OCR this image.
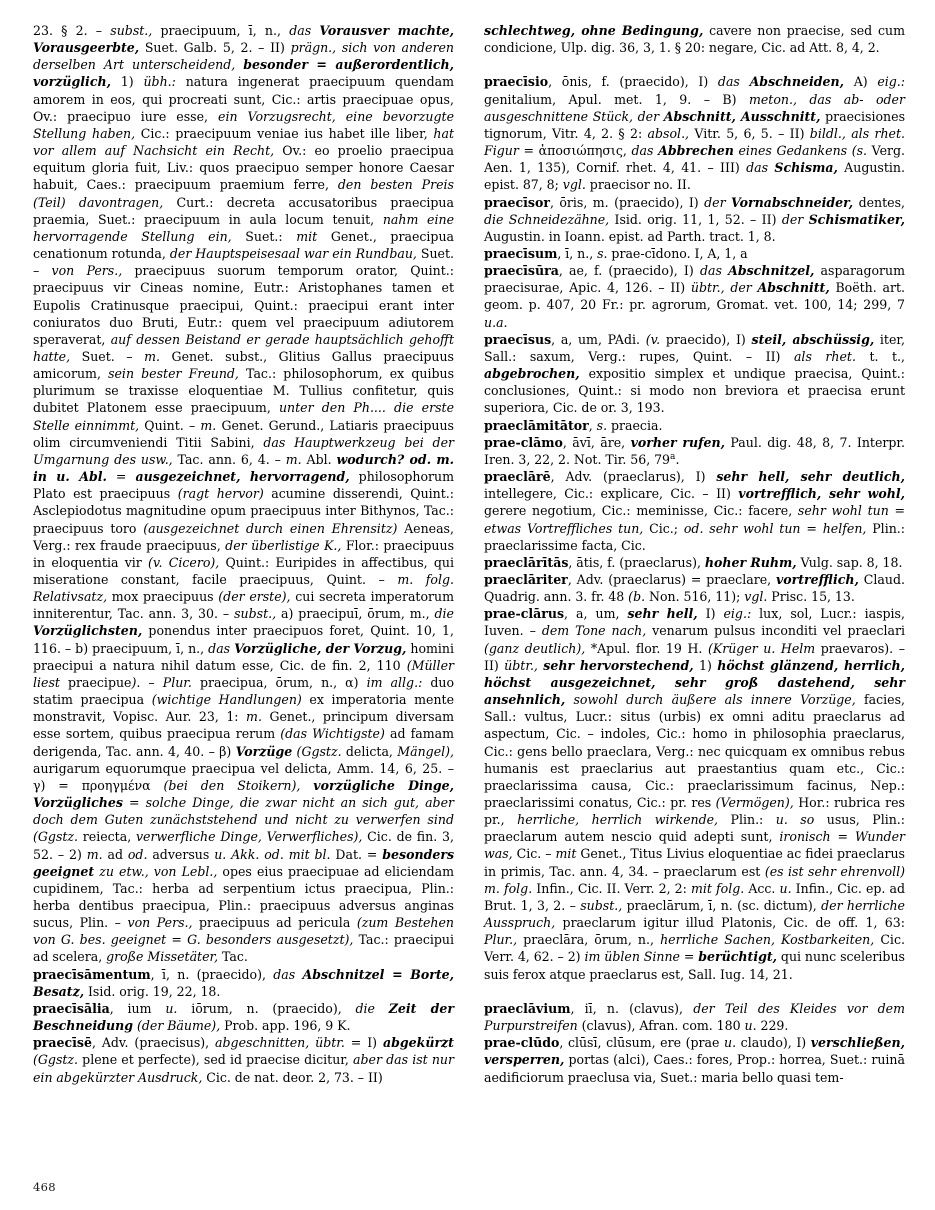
23. § 2. – subst., praecipuum, ī, n., das Vorausver machte, Vorausgeerbte, Suet. Galb. 5, 2. – II) prägn., sich von anderen derselben Art unterscheidend, besonder = außerordentlich, vorzüglich, 1) übh.: natura ingenerat praecipuum quendam amorem in eos, qui procreati sunt, Cic.: artis praecipuae opus, Ov.: praecipuo iure esse, ein Vorzugsrecht, eine bevorzugte Stellung haben, Cic.: praecipuum veniae ius habet ille liber, hat vor allem auf Nachsicht ein Recht, Ov.: eo proelio praecipua equitum gloria fuit, Liv.: quos praecipuo semper honore Caesar habuit, Caes.: praecipuum praemium ferre, den besten Preis (Teil) davontragen, Curt.: decreta accusatoribus praecipua praemia, Suet.: praecipuum in aula locum tenuit, nahm eine hervorragende Stellung ein, Suet.: mit Genet., praecipua cenationum rotunda, der Hauptspeisesaal war ein Rundbau, Suet. – von Pers., praecipuus suorum temporum orator, Quint.: praecipuus vir Cineas nomine, Eutr.: Aristophanes tamen et Eupolis Cratinusque praecipui, Quint.: praecipui erant inter coniuratos duo Bruti, Eutr.: quem vel praecipuum adiutorem speraverat, auf dessen Beistand er gerade hauptsächlich gehofft hatte, Suet. – m. Genet. subst., Glitius Gallus praecipuus amicorum, sein bester Freund, Tac.: philosophorum, ex quibus plurimum se traxisse eloquentiae M. Tullius confitetur, quis dubitet Platonem esse praecipuum, unter den Ph.... die erste Stelle einnimmt, Quint. – m. Genet. Gerund., Latiaris praecipuus olim circumveniendi Titii Sabini, das Hauptwerkzeug bei der Umgarnung des usw., Tac. ann. 6, 4. – m. Abl. wodurch? od. m. in u. Abl. = ausgezeichnet, hervorragend, philosophorum Plato est praecipuus (ragt hervor) acumine disserendi, Quint.: Asclepiodotus magnitudine opum praecipuus inter Bithynos, Tac.: praecipuus toro (ausgezeichnet durch einen Ehrensitz) Aeneas, Verg.: rex fraude praecipuus, der überlistige K., Flor.: praecipuus in eloquentia vir (v. Cicero), Quint.: Euripides in affectibus, qui miseratione constant, facile praecipuus, Quint. – m. folg. Relativsatz, mox praecipuus (der erste), cui secreta imperatorum inniterentur, Tac. ann. 3, 30. – subst., a) praecipuī, ōrum, m., die Vorzüglichsten, ponendus inter praecipuos foret, Quint. 10, 1, 116. – b) praecipuum, ī, n., das Vorzügliche, der Vorzug, homini praecipui a natura nihil datum esse, Cic. de fin. 2, 110 (Müller liest praecipue). – Plur. praecipua, ōrum, n., α) im allg.: duo statim praecipua (wichtige Handlungen) ex imperatoria mente monstravit, Vopisc. Aur. 23, 1: m. Genet., principum diversam esse sortem, quibus praecipua rerum (das Wichtigste) ad famam derigenda, Tac. ann. 4, 40. – β) Vorzüge (Ggstz. delicta, Mängel), aurigarum equorumque praecipua vel delicta, Amm. 14, 6, 25. – γ) = προηγμένα (bei den Stoikern), vorzügliche Dinge, Vorzügliches = solche Dinge, die zwar nicht an sich gut, aber doch dem Guten zunächststehend und nicht zu verwerfen sind (Ggstz. reiecta, verwerfliche Dinge, Verwerfliches), Cic. de fin. 3, 52. – 2) m. ad od. adversus u. Akk. od. mit bl. Dat. = besonders geeignet zu etw., von Lebl., opes eius praecipuae ad eliciendam cupidinem, Tac.: herba ad serpentium ictus praecipua, Plin.: herba dentibus praecipua, Plin.: praecipuus adversus anginas sucus, Plin. – von Pers., praecipuus ad pericula (zum Bestehen von G. bes. geeignet = G. besonders ausgesetzt), Tac.: praecipui ad scelera, große Missetäter, Tac.

praecīsāmentum, ī, n. (praecido), das Abschnitzel = Borte, Besatz, Isid. orig. 19, 22, 18.

praecīsālia, ium u. iōrum, n. (praecido), die Zeit der Beschneidung (der Bäume), Prob. app. 196, 9 K.

praecīsē, Adv. (praecisus), abgeschnitten, übtr. = I) abgekürzt (Ggstz. plene et perfecte), sed id praecise dicitur, aber das ist nur ein abgekürzter Ausdruck, Cic. de nat. deor. 2, 73. – II)

schlechtweg, ohne Bedingung, cavere non praecise, sed cum condicione, Ulp. dig. 36, 3, 1. § 20: negare, Cic. ad Att. 8, 4, 2.

praecīsio, ōnis, f. (praecido), I) das Abschneiden, A) eig.: genitalium, Apul. met. 1, 9. – B) meton., das ab- oder ausgeschnittene Stück, der Abschnitt, Ausschnitt, praecisiones tignorum, Vitr. 4, 2. § 2: absol., Vitr. 5, 6, 5. – II) bildl., als rhet. Figur = ἀποσιώπησις, das Abbrechen eines Gedankens (s. Verg. Aen. 1, 135), Cornif. rhet. 4, 41. – III) das Schisma, Augustin. epist. 87, 8; vgl. praecisor no. II.

praecīsor, ōris, m. (praecido), I) der Vornabschneider, dentes, die Schneidezähne, Isid. orig. 11, 1, 52. – II) der Schismatiker, Augustin. in Ioann. epist. ad Parth. tract. 1, 8.

praecīsum, ī, n., s. prae-cīdono. I, A, 1, a

praecīsūra, ae, f. (praecido), I) das Abschnitzel, asparagorum praecisurae, Apic. 4, 126. – II) übtr., der Abschnitt, Boëth. art. geom. p. 407, 20 Fr.: pr. agrorum, Gromat. vet. 100, 14; 299, 7 u.a.

praecīsus, a, um, PAdi. (v. praecido), I) steil, abschüssig, iter, Sall.: saxum, Verg.: rupes, Quint. – II) als rhet. t. t., abgebrochen, expositio simplex et undique praecisa, Quint.: conclusiones, Quint.: si modo non breviora et praecisa erunt superiora, Cic. de or. 3, 193.

praeclāmitātor, s. praecia.

prae-clāmo, āvī, āre, vorher rufen, Paul. dig. 48, 8, 7. Interpr. Iren. 3, 22, 2. Not. Tir. 56, 79$^a$.

praeclārē, Adv. (praeclarus), I) sehr hell, sehr deutlich, intellegere, Cic.: explicare, Cic. – II) vortrefflich, sehr wohl, gerere negotium, Cic.: meminisse, Cic.: facere, sehr wohl tun = etwas Vortreffliches tun, Cic.; od. sehr wohl tun = helfen, Plin.: praeclarissime facta, Cic.

praeclārītās, ātis, f. (praeclarus), hoher Ruhm, Vulg. sap. 8, 18.

praeclāriter, Adv. (praeclarus) = praeclare, vortrefflich, Claud. Quadrig. ann. 3. fr. 48 (b. Non. 516, 11); vgl. Prisc. 15, 13.

prae-clārus, a, um, sehr hell, I) eig.: lux, sol, Lucr.: iaspis, Iuven. – dem Tone nach, venarum pulsus inconditi vel praeclari (ganz deutlich), *Apul. flor. 19 H. (Krüger u. Helm praevaros). – II) übtr., sehr hervorstechend, 1) höchst glänzend, herrlich, höchst ausgezeichnet, sehr groß dastehend, sehr ansehnlich, sowohl durch äußere als innere Vorzüge, facies, Sall.: vultus, Lucr.: situs (urbis) ex omni aditu praeclarus ad aspectum, Cic. – indoles, Cic.: homo in philosophia praeclarus, Cic.: gens bello praeclara, Verg.: nec quicquam ex omnibus rebus humanis est praeclarius aut praestantius quam etc., Cic.: praeclarissima causa, Cic.: praeclarissimum facinus, Nep.: praeclarissimi conatus, Cic.: pr. res (Vermögen), Hor.: rubrica res pr., herrliche, herrlich wirkende, Plin.: u. so usus, Plin.: praeclarum autem nescio quid adepti sunt, ironisch = Wunder was, Cic. – mit Genet., Titus Livius eloquentiae ac fidei praeclarus in primis, Tac. ann. 4, 34. – praeclarum est (es ist sehr ehrenvoll) m. folg. Infin., Cic. II. Verr. 2, 2: mit folg. Acc. u. Infin., Cic. ep. ad Brut. 1, 3, 2. – subst., praeclārum, ī, n. (sc. dictum), der herrliche Ausspruch, praeclarum igitur illud Platonis, Cic. de off. 1, 63: Plur., praeclāra, ōrum, n., herrliche Sachen, Kostbarkeiten, Cic. Verr. 4, 62. – 2) im üblen Sinne = berüchtigt, qui nunc sceleribus suis ferox atque praeclarus est, Sall. Iug. 14, 21.

praeclāvium, iī, n. (clavus), der Teil des Kleides vor dem Purpurstreifen (clavus), Afran. com. 180 u. 229.

prae-clūdo, clūsī, clūsum, ere (prae u. claudo), I) verschließen, versperren, portas (alci), Caes.: fores, Prop.: horrea, Suet.: ruinā aedificiorum praeclusa via, Suet.: maria bello quasi tem-

468
